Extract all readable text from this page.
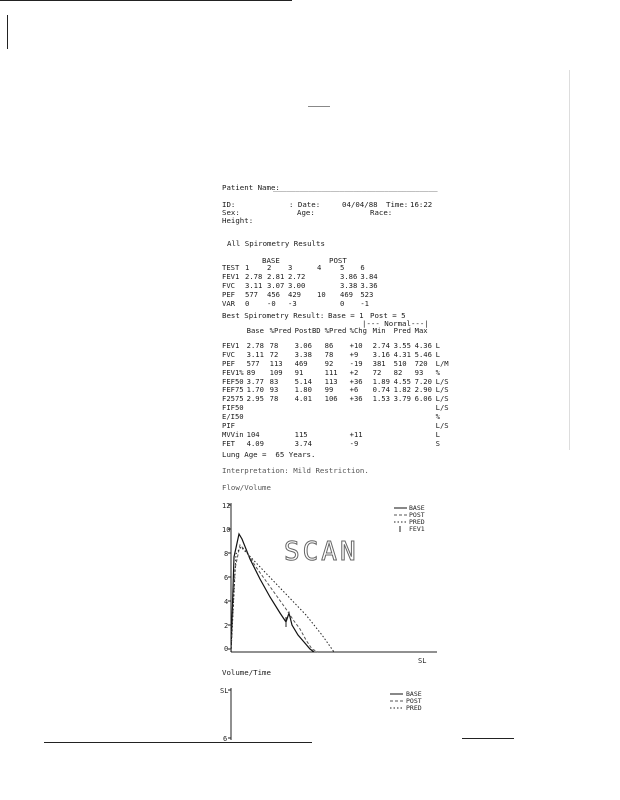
Patient Name:
_____________________________________
ID:	: Date:	04/04/88 Time: 16:22
Sex:	Age:	Race:
Height:
All Spirometry Results
BASE	POST
TEST	1	2	3	4	5	6
FEV1	2.78	2.81	2.72		3.86	3.84
FVC	3.11	3.07	3.00		3.38	3.36
PEF	577	456	429	10	469	523
VAR	0	-0	-3		0	-1
Best Spirometry Result: Base = 1 Post = 5
|--- Normal---|
	Base	%Pred	PostBD	%Pred	%Chg	Min	Pred	Max	

FEV1	2.78	78	3.06	86	+10	2.74	3.55	4.36	L
FVC	3.11	72	3.38	78	+9	3.16	4.31	5.46	L
PEF	577	113	469	92	-19	381	510	720	L/M
FEV1%	89	109	91	111	+2	72	82	93	%
FEF50	3.77	83	5.14	113	+36	1.89	4.55	7.20	L/S
FEF75	1.70	93	1.80	99	+6	0.74	1.82	2.90	L/S
F2575	2.95	78	4.01	106	+36	1.53	3.79	6.06	L/S
FIF50									L/S
E/I50									%
PIF									L/S
MVVin	104		115		+11				L
FET	4.09		3.74		-9				S
Lung Age =  65 Years.
Interpretation: Mild Restriction.
Flow/Volume
12
10
8
6
4
2
0
SL
SCAN
BASE
POST
PRED
FEV1
Volume/Time
SL
6
BASE
POST
PRED
